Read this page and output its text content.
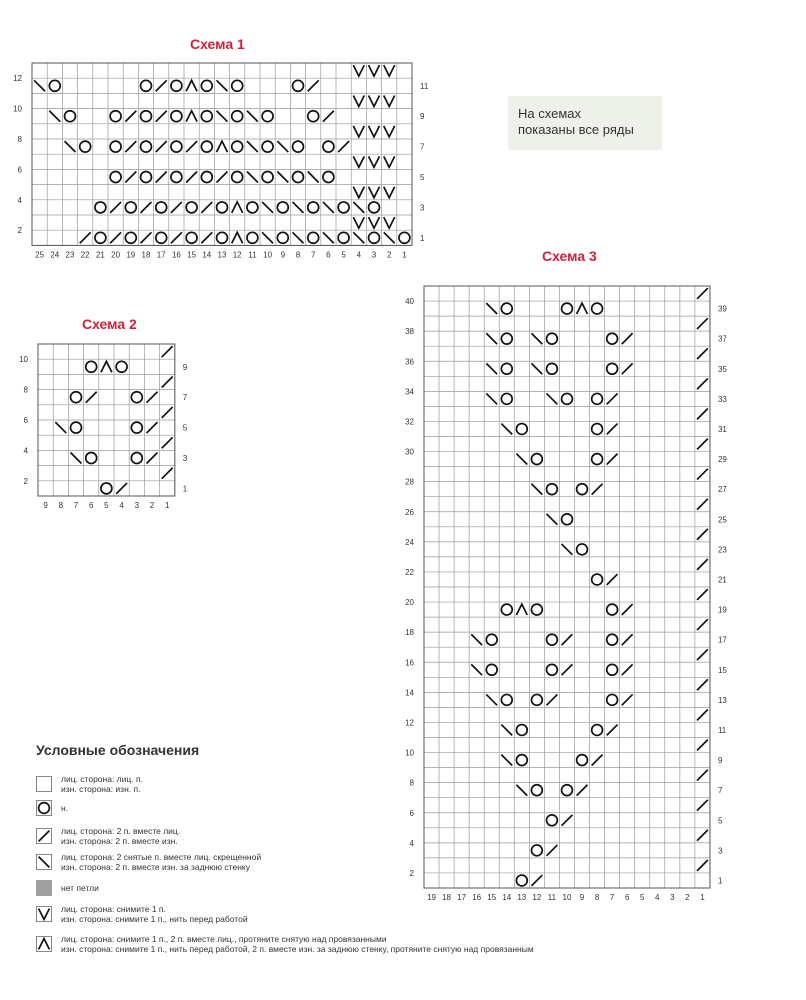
Схема 1
Схема 2
Схема 3
На схемах
показаны все ряды
25 24 23 22 21 20 19 18 17 16 15 14 13 12 11 10 9 8 7 6 5 4 3 2 1
12
10
8
6
4
2
11
9
7
5
3
1
9 8 7 6 5 4 3 2 1
10
8
6
4
2
9
7
5
3
1
19 18 17 16 15 14 13 12 11 10 9 8 7 6 5 4 3 2 1
40
38
36
34
32
30
28
26
24
22
20
18
16
14
12
10
8
6
4
2
39
37
35
33
31
29
27
25
23
21
19
17
15
13
11
9
7
5
3
1
Условные обозначения
лиц. сторона: лиц. п.
изн. сторона: изн. п.
н.
лиц. сторона: 2 п. вместе лиц.
изн. сторона: 2 п. вместе изн.
лиц. сторона: 2 снятые п. вместе лиц. скрещенной
изн. сторона: 2 п. вместе изн. за заднюю стенку
нет петли
лиц. сторона: снимите 1 п.
изн. сторона: снимите 1 п., нить перед работой
лиц. сторона: снимите 1 п., 2 п. вместе лиц., протяните снятую над провязанными
изн. сторона: снимите 1 п., нить перед работой, 2 п. вместе изн. за заднюю стенку, протяните снятую над провязанным
